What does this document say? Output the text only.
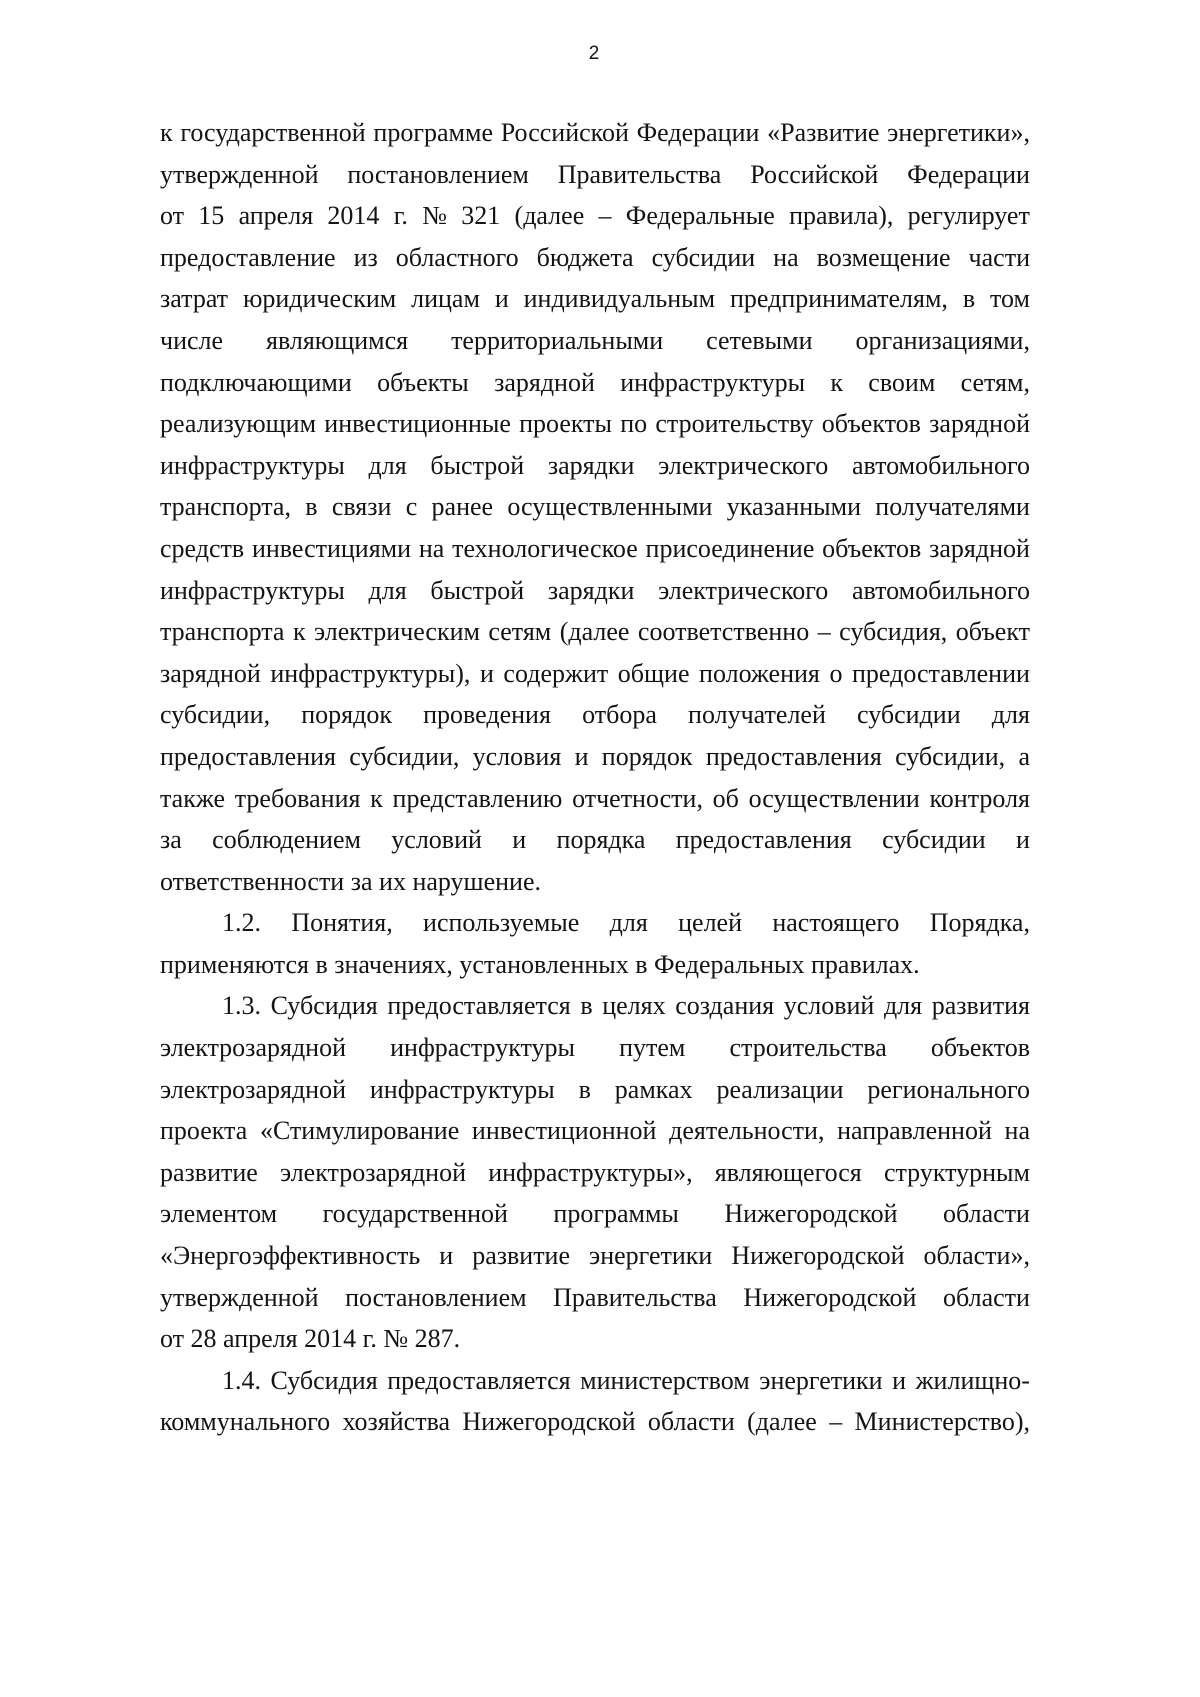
2
к государственной программе Российской Федерации «Развитие энергетики»,
утвержденной постановлением Правительства Российской Федерации
от 15 апреля 2014 г. № 321 (далее – Федеральные правила), регулирует
предоставление из областного бюджета субсидии на возмещение части
затрат юридическим лицам и индивидуальным предпринимателям, в том
числе являющимся территориальными сетевыми организациями,
подключающими объекты зарядной инфраструктуры к своим сетям,
реализующим инвестиционные проекты по строительству объектов зарядной
инфраструктуры для быстрой зарядки электрического автомобильного
транспорта, в связи с ранее осуществленными указанными получателями
средств инвестициями на технологическое присоединение объектов зарядной
инфраструктуры для быстрой зарядки электрического автомобильного
транспорта к электрическим сетям (далее соответственно – субсидия, объект
зарядной инфраструктуры), и содержит общие положения о предоставлении
субсидии, порядок проведения отбора получателей субсидии для
предоставления субсидии, условия и порядок предоставления субсидии, а
также требования к представлению отчетности, об осуществлении контроля
за соблюдением условий и порядка предоставления субсидии и
ответственности за их нарушение.
1.2. Понятия, используемые для целей настоящего Порядка,
применяются в значениях, установленных в Федеральных правилах.
1.3. Субсидия предоставляется в целях создания условий для развития
электрозарядной инфраструктуры путем строительства объектов
электрозарядной инфраструктуры в рамках реализации регионального
проекта «Стимулирование инвестиционной деятельности, направленной на
развитие электрозарядной инфраструктуры», являющегося структурным
элементом государственной программы Нижегородской области
«Энергоэффективность и развитие энергетики Нижегородской области»,
утвержденной постановлением Правительства Нижегородской области
от 28 апреля 2014 г. № 287.
1.4. Субсидия предоставляется министерством энергетики и жилищно-
коммунального хозяйства Нижегородской области (далее – Министерство),
